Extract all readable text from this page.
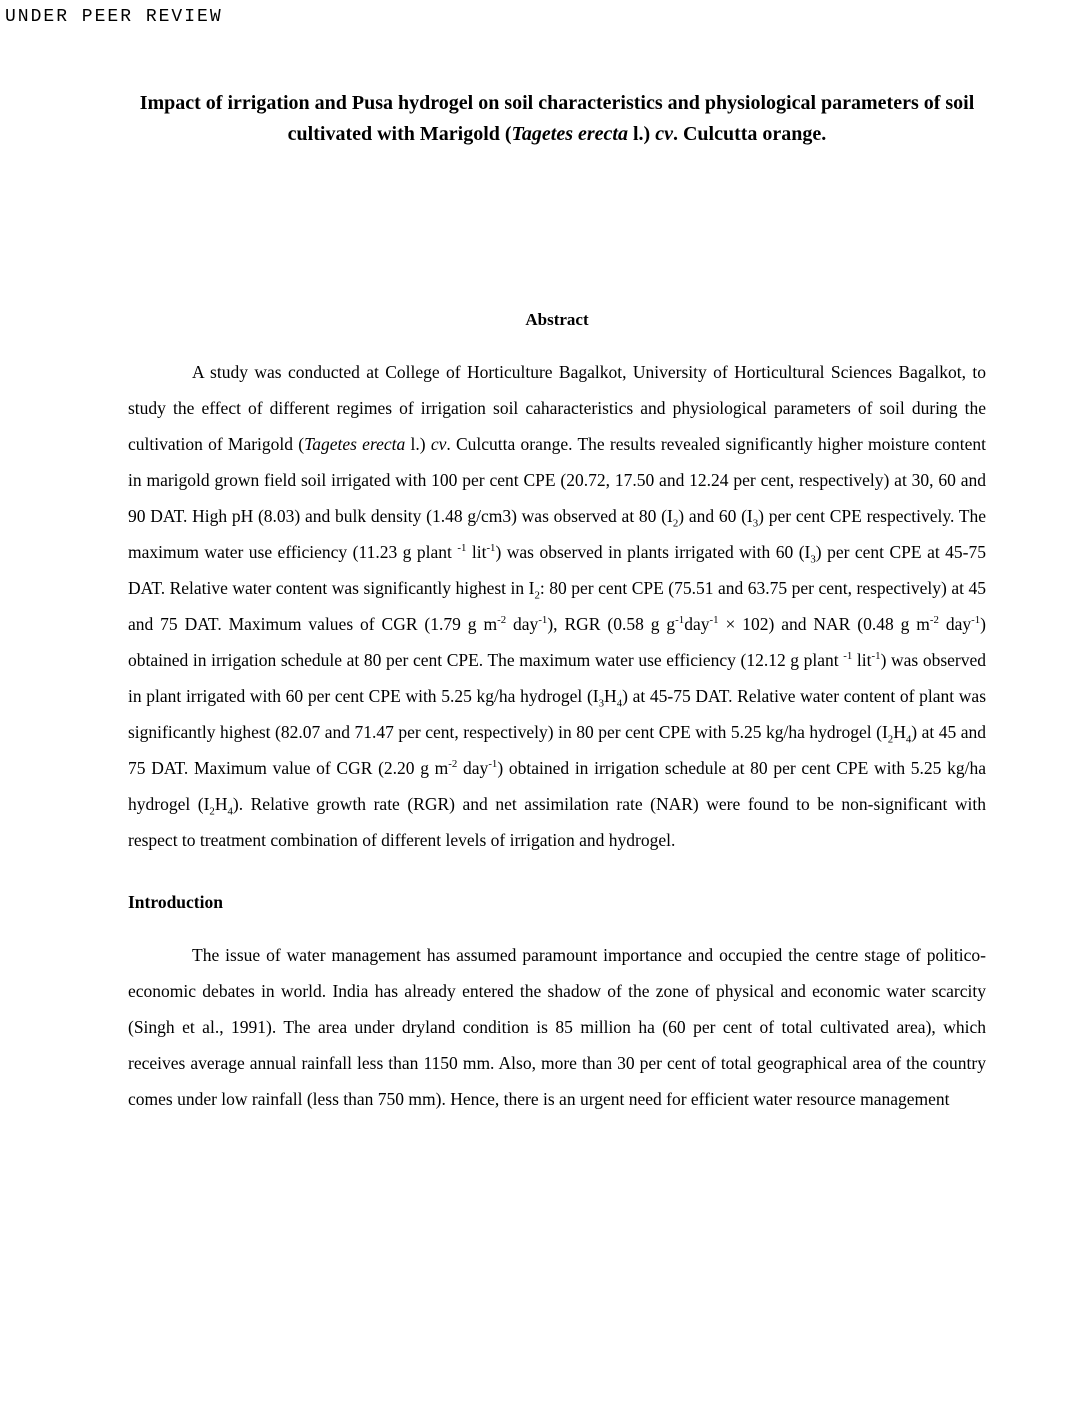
UNDER PEER REVIEW
Impact of irrigation and Pusa hydrogel on soil characteristics and physiological parameters of soil cultivated with Marigold (Tagetes erecta l.) cv. Culcutta orange.
Abstract

A study was conducted at College of Horticulture Bagalkot, University of Horticultural Sciences Bagalkot, to study the effect of different regimes of irrigation soil caharacteristics and physiological parameters of soil during the cultivation of Marigold (Tagetes erecta l.) cv. Culcutta orange. The results revealed significantly higher moisture content in marigold grown field soil irrigated with 100 per cent CPE (20.72, 17.50 and 12.24 per cent, respectively) at 30, 60 and 90 DAT. High pH (8.03) and bulk density (1.48 g/cm3) was observed at 80 $(I_2)$ and 60 $(I_3)$ per cent CPE respectively. The maximum water use efficiency (11.23 g plant $^{-1}$ lit$^{-1}$) was observed in plants irrigated with 60 $(I_3)$ per cent CPE at 45-75 DAT. Relative water content was significantly highest in $I_2$: 80 per cent CPE (75.51 and 63.75 per cent, respectively) at 45 and 75 DAT. Maximum values of CGR (1.79 g $m^{-2}$ day$^{-1}$), RGR (0.58 g $g^{-1}day^{-1} \times 102$) and NAR (0.48 g $m^{-2}$ day$^{-1}$) obtained in irrigation schedule at 80 per cent CPE. The maximum water use efficiency (12.12 g plant $^{-1}$ lit$^{-1}$) was observed in plant irrigated with 60 per cent CPE with 5.25 kg/ha hydrogel $(I_3H_4)$ at 45-75 DAT. Relative water content of plant was significantly highest (82.07 and 71.47 per cent, respectively) in 80 per cent CPE with 5.25 kg/ha hydrogel $(I_2H_4)$ at 45 and 75 DAT. Maximum value of CGR (2.20 g $m^{-2}$ day$^{-1}$) obtained in irrigation schedule at 80 per cent CPE with 5.25 kg/ha hydrogel $(I_2H_4)$. Relative growth rate (RGR) and net assimilation rate (NAR) were found to be non-significant with respect to treatment combination of different levels of irrigation and hydrogel.

Introduction

The issue of water management has assumed paramount importance and occupied the centre stage of politico-economic debates in world. India has already entered the shadow of the zone of physical and economic water scarcity (Singh et al., 1991). The area under dryland condition is 85 million ha (60 per cent of total cultivated area), which receives average annual rainfall less than 1150 mm. Also, more than 30 per cent of total geographical area of the country comes under low rainfall (less than 750 mm). Hence, there is an urgent need for efficient water resource management
